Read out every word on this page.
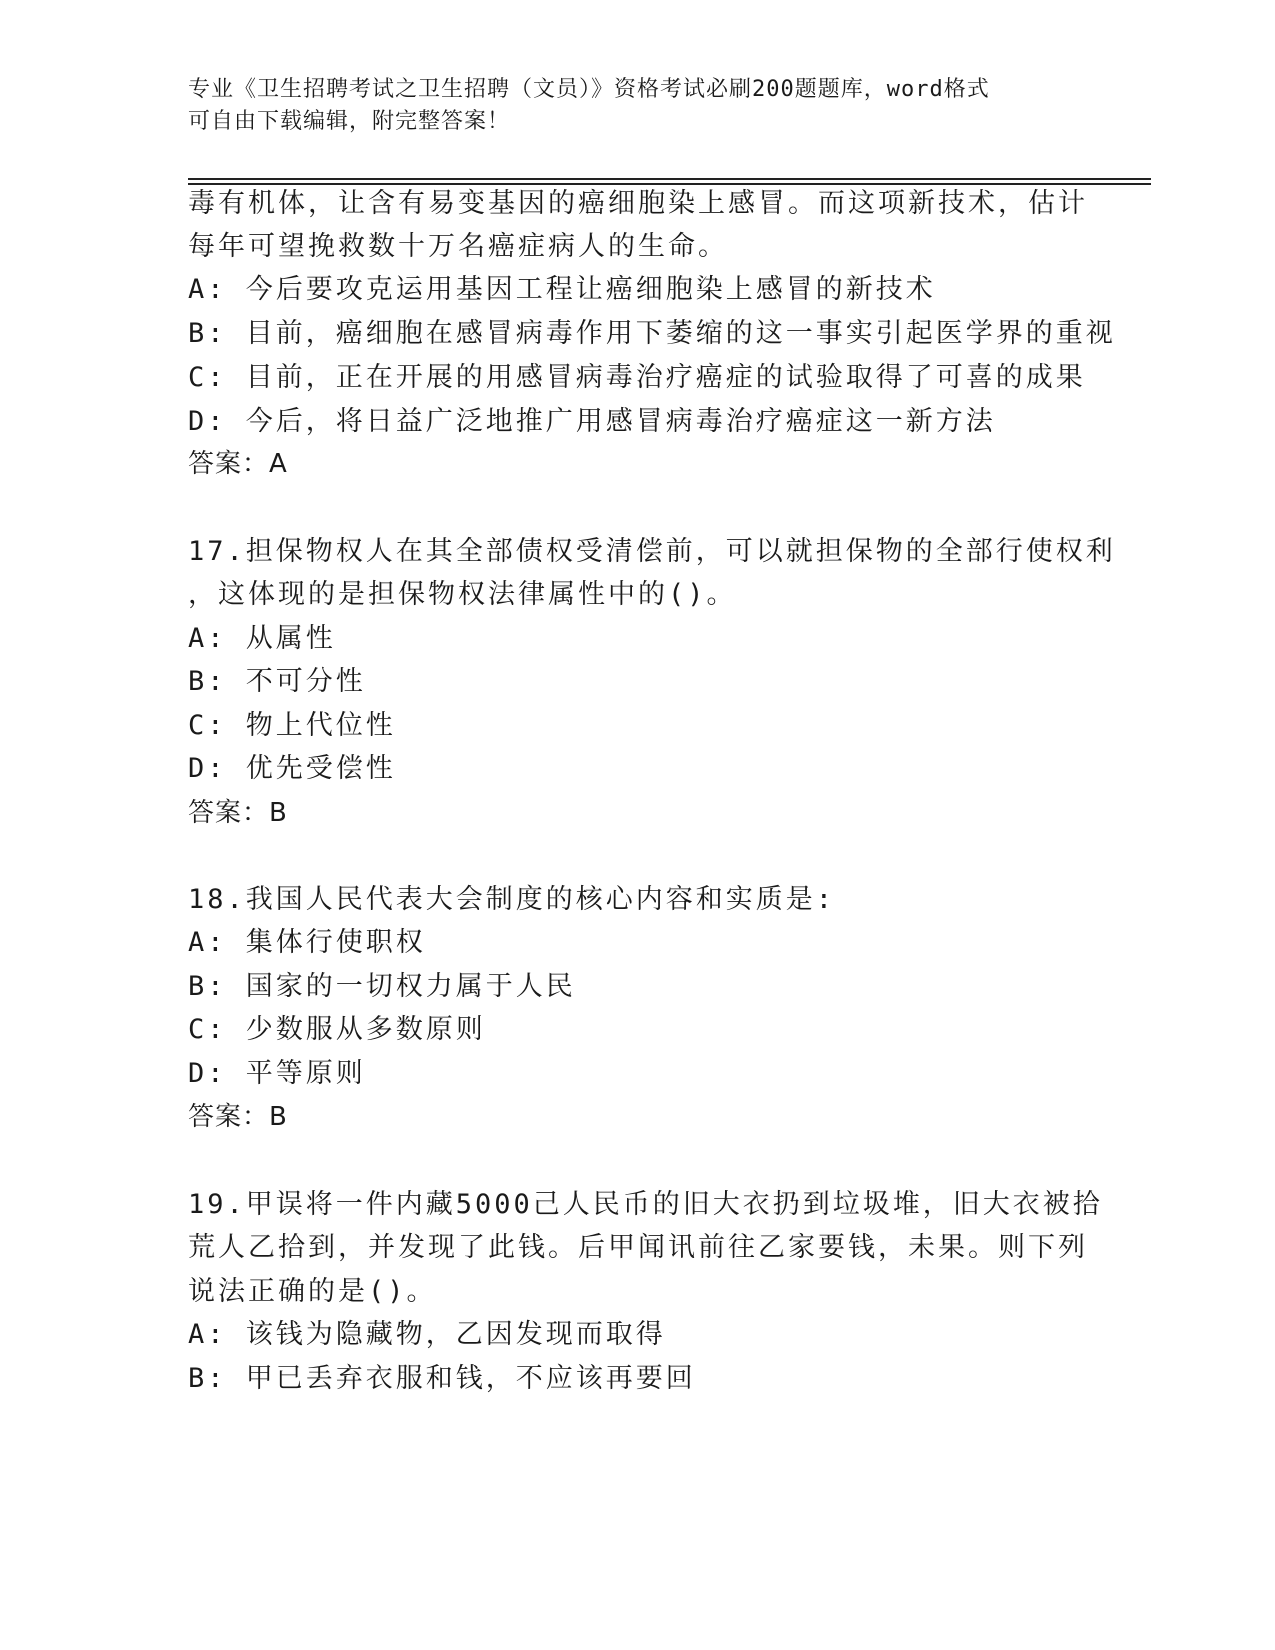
专业《卫生招聘考试之卫生招聘（文员）》资格考试必刷200题题库，word格式
可自由下载编辑，附完整答案！
毒有机体，让含有易变基因的癌细胞染上感冒。而这项新技术，估计
每年可望挽救数十万名癌症病人的生命。
A: 今后要攻克运用基因工程让癌细胞染上感冒的新技术
B: 目前，癌细胞在感冒病毒作用下萎缩的这一事实引起医学界的重视
C: 目前，正在开展的用感冒病毒治疗癌症的试验取得了可喜的成果
D: 今后，将日益广泛地推广用感冒病毒治疗癌症这一新方法
答案：A
17.担保物权人在其全部债权受清偿前，可以就担保物的全部行使权利
，这体现的是担保物权法律属性中的()。
A: 从属性
B: 不可分性
C: 物上代位性
D: 优先受偿性
答案：B
18.我国人民代表大会制度的核心内容和实质是:
A: 集体行使职权
B: 国家的一切权力属于人民
C: 少数服从多数原则
D: 平等原则
答案：B
19.甲误将一件内藏5000己人民币的旧大衣扔到垃圾堆，旧大衣被拾
荒人乙拾到，并发现了此钱。后甲闻讯前往乙家要钱，未果。则下列
说法正确的是()。
A: 该钱为隐藏物，乙因发现而取得
B: 甲已丢弃衣服和钱，不应该再要回
